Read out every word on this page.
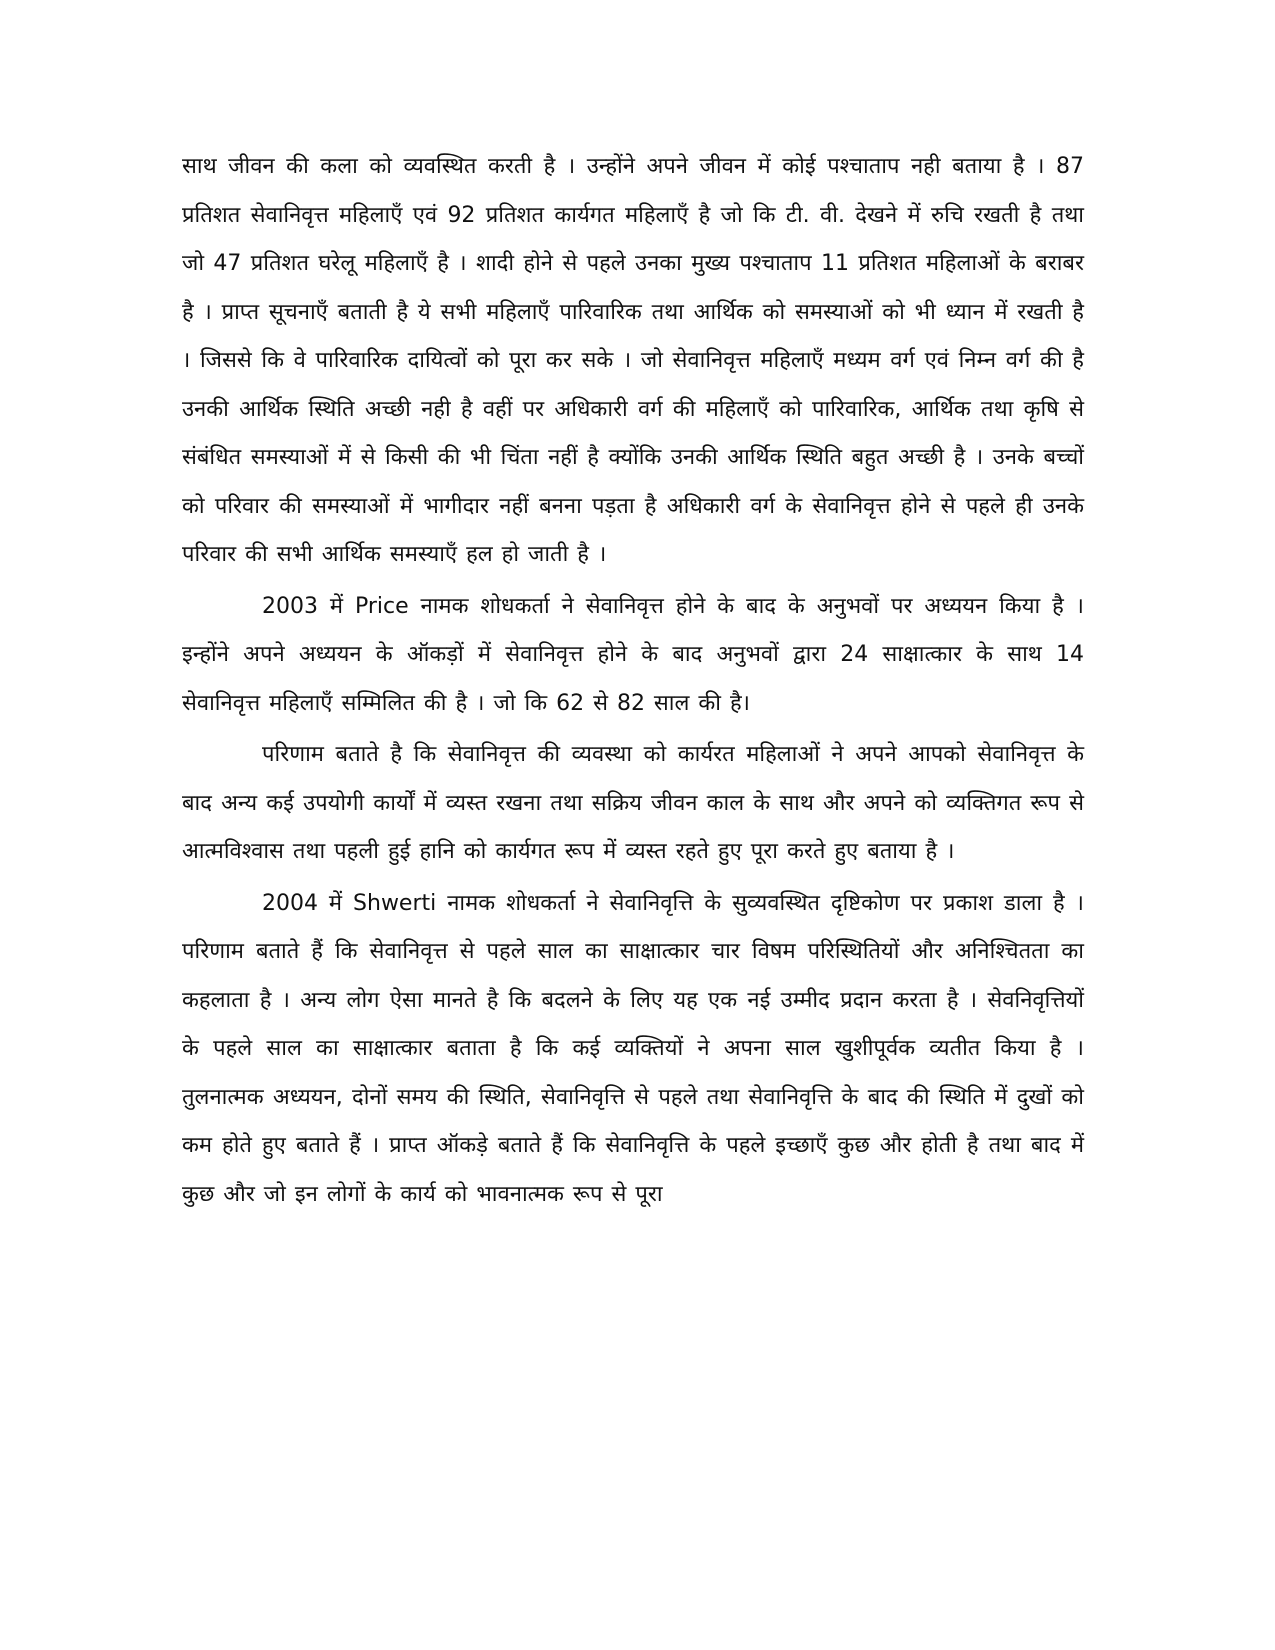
साथ जीवन की कला को व्यवस्थित करती है । उन्होंने अपने जीवन में कोई पश्चाताप नही बताया है । 87 प्रतिशत सेवानिवृत्त महिलाऍं एवं 92 प्रतिशत कार्यगत महिलाऍं है जो कि टी. वी. देखने में रुचि रखती है तथा जो 47 प्रतिशत घरेलू महिलाऍं है । शादी होने से पहले उनका मुख्य पश्चाताप 11 प्रतिशत महिलाओं के बराबर है । प्राप्त सूचनाऍं बताती है ये सभी महिलाऍं पारिवारिक तथा आर्थिक को समस्याओं को भी ध्यान में रखती है । जिससे कि वे पारिवारिक दायित्वों को पूरा कर सके । जो सेवानिवृत्त महिलाऍं मध्यम वर्ग एवं निम्न वर्ग की है उनकी आर्थिक स्थिति अच्छी नही है वहीं पर अधिकारी वर्ग की महिलाऍं को पारिवारिक, आर्थिक तथा कृषि से संबंधित समस्याओं में से किसी की भी चिंता नहीं है क्योंकि उनकी आर्थिक स्थिति बहुत अच्छी है । उनके बच्चों को परिवार की समस्याओं में भागीदार नहीं बनना पड़ता है अधिकारी वर्ग के सेवानिवृत्त होने से पहले ही उनके परिवार की सभी आर्थिक समस्याऍं हल हो जाती है ।

2003 में Price नामक शोधकर्ता ने सेवानिवृत्त होने के बाद के अनुभवों पर अध्ययन किया है । इन्होंने अपने अध्ययन के ऑकड़ों में सेवानिवृत्त होने के बाद अनुभवों द्वारा 24 साक्षात्कार के साथ 14 सेवानिवृत्त महिलाऍं सम्मिलित की है । जो कि 62 से 82 साल की है।

परिणाम बताते है कि सेवानिवृत्त की व्यवस्था को कार्यरत महिलाओं ने अपने आपको सेवानिवृत्त के बाद अन्य कई उपयोगी कार्यों में व्यस्त रखना तथा सक्रिय जीवन काल के साथ और अपने को व्यक्तिगत रूप से आत्मविश्वास तथा पहली हुई हानि को कार्यगत रूप में व्यस्त रहते हुए पूरा करते हुए बताया है ।

2004 में Shwerti नामक शोधकर्ता ने सेवानिवृत्ति के सुव्यवस्थित दृष्टिकोण पर प्रकाश डाला है । परिणाम बताते हैं कि सेवानिवृत्त से पहले साल का साक्षात्कार चार विषम परिस्थितियों और अनिश्चितता का कहलाता है । अन्य लोग ऐसा मानते है कि बदलने के लिए यह एक नई उम्मीद प्रदान करता है । सेवनिवृत्तियों के पहले साल का साक्षात्कार बताता है कि कई व्यक्तियों ने अपना साल खुशीपूर्वक व्यतीत किया है । तुलनात्मक अध्ययन, दोनों समय की स्थिति, सेवानिवृत्ति से पहले तथा सेवानिवृत्ति के बाद की स्थिति में दुखों को कम होते हुए बताते हैं । प्राप्त ऑकड़े बताते हैं कि सेवानिवृत्ति के पहले इच्छाऍं कुछ और होती है तथा बाद में कुछ और जो इन लोगों के कार्य को भावनात्मक रूप से पूरा
